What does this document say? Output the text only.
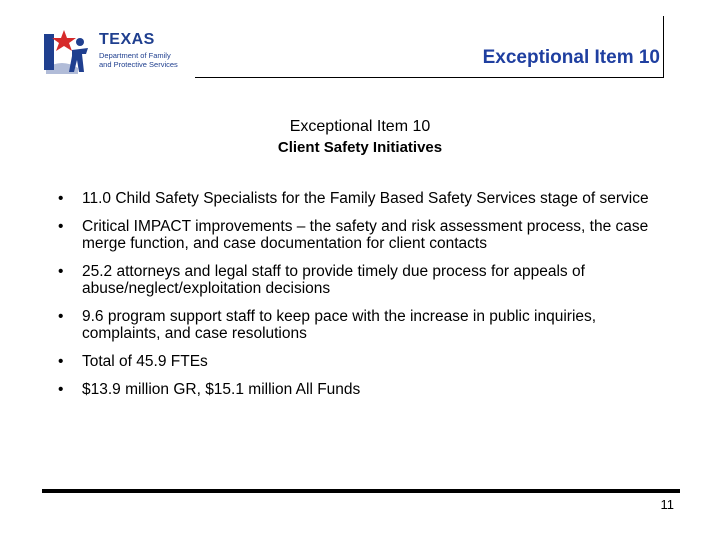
TEXAS
Department of Family
and Protective Services	Exceptional Item 10
Exceptional Item 10
Client Safety Initiatives
• 11.0 Child Safety Specialists for the Family Based Safety Services stage of service
• Critical IMPACT improvements – the safety and risk assessment process, the case merge function, and case documentation for client contacts
• 25.2 attorneys and legal staff to provide timely due process for appeals of abuse/neglect/exploitation decisions
• 9.6 program support staff to keep pace with the increase in public inquiries, complaints, and case resolutions
• Total of 45.9 FTEs
• $13.9 million GR, $15.1 million All Funds
11
